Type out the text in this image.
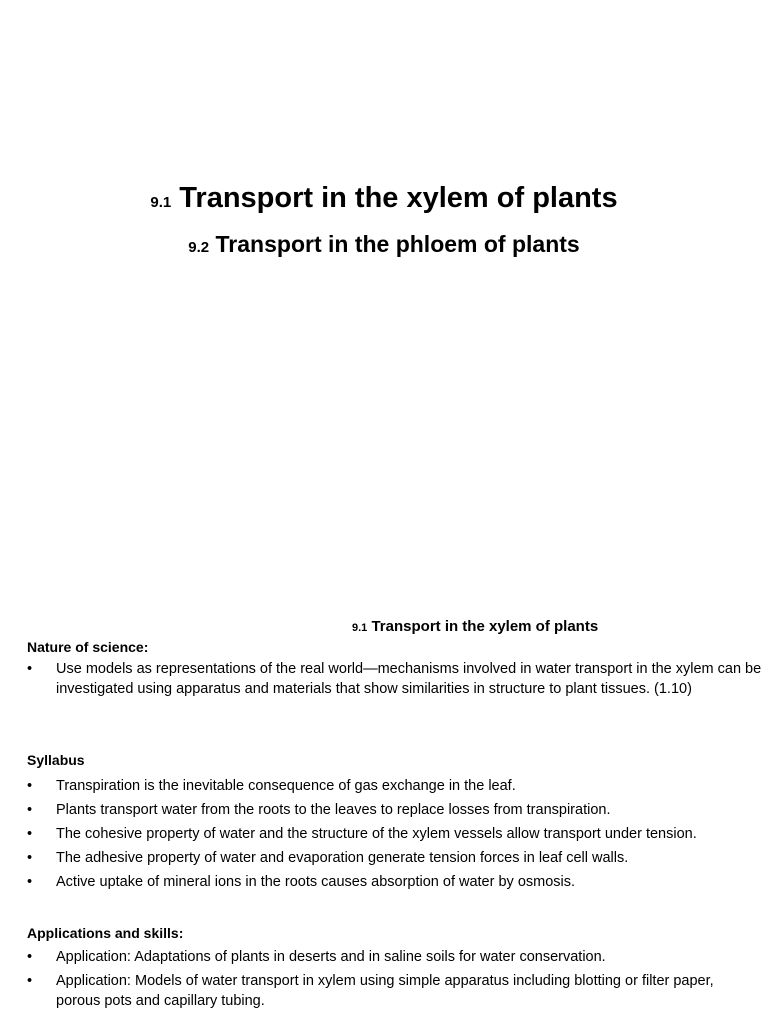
9.1 Transport in the xylem of plants
9.2 Transport in the phloem of plants
9.1 Transport in the xylem of plants
Nature of science:
• Use models as representations of the real world—mechanisms involved in water transport in the xylem can be investigated using apparatus and materials that show similarities in structure to plant tissues. (1.10)
Syllabus
• Transpiration is the inevitable consequence of gas exchange in the leaf.
• Plants transport water from the roots to the leaves to replace losses from transpiration.
• The cohesive property of water and the structure of the xylem vessels allow transport under tension.
• The adhesive property of water and evaporation generate tension forces in leaf cell walls.
• Active uptake of mineral ions in the roots causes absorption of water by osmosis.
Applications and skills:
• Application: Adaptations of plants in deserts and in saline soils for water conservation.
• Application: Models of water transport in xylem using simple apparatus including blotting or filter paper, porous pots and capillary tubing.
